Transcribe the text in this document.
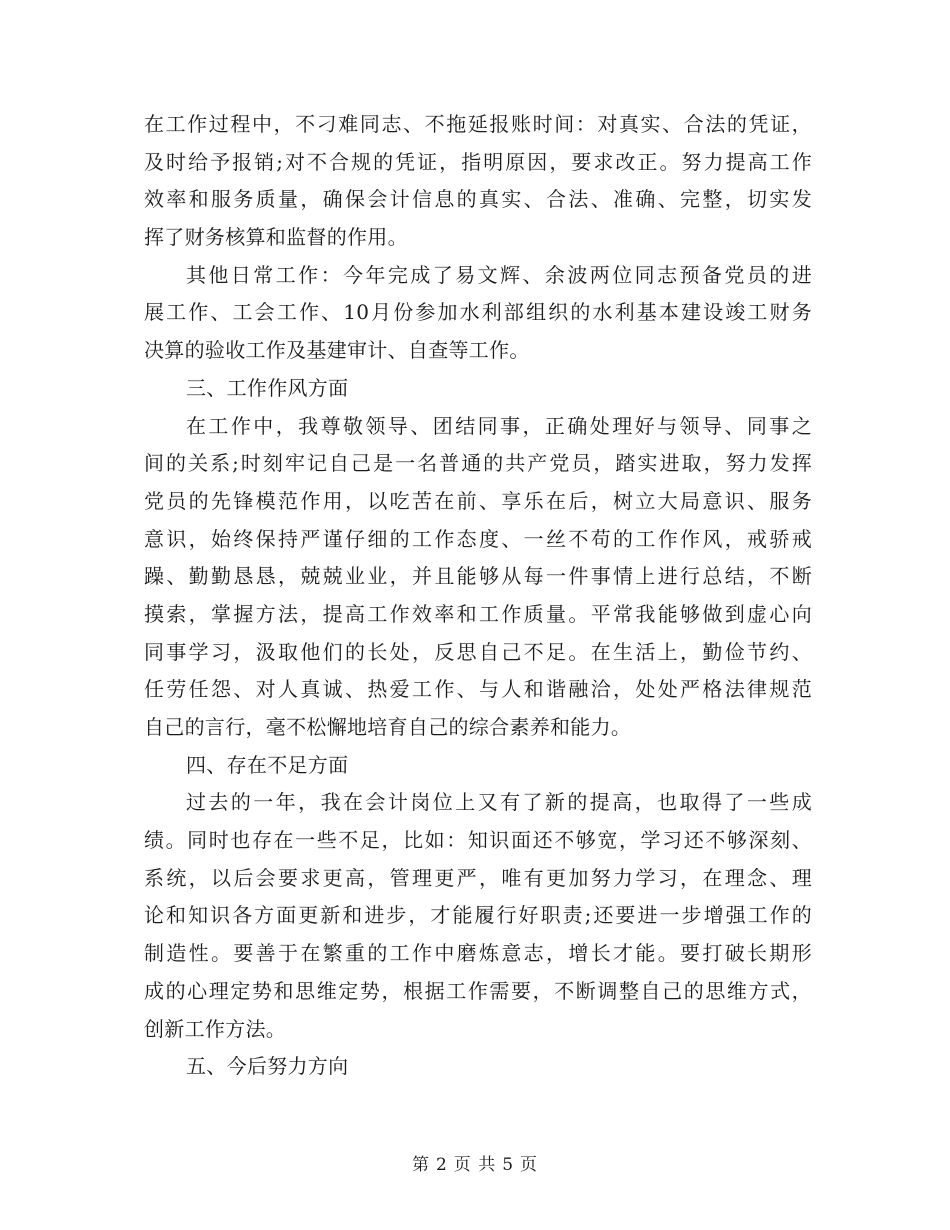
在工作过程中，不刁难同志、不拖延报账时间：对真实、合法的凭证，
及时给予报销;对不合规的凭证，指明原因，要求改正。努力提高工作
效率和服务质量，确保会计信息的真实、合法、准确、完整，切实发
挥了财务核算和监督的作用。
其他日常工作：今年完成了易文辉、余波两位同志预备党员的进
展工作、工会工作、10月份参加水利部组织的水利基本建设竣工财务
决算的验收工作及基建审计、自查等工作。
三、工作作风方面
在工作中，我尊敬领导、团结同事，正确处理好与领导、同事之
间的关系;时刻牢记自己是一名普通的共产党员，踏实进取，努力发挥
党员的先锋模范作用，以吃苦在前、享乐在后，树立大局意识、服务
意识，始终保持严谨仔细的工作态度、一丝不苟的工作作风，戒骄戒
躁、勤勤恳恳，兢兢业业，并且能够从每一件事情上进行总结，不断
摸索，掌握方法，提高工作效率和工作质量。平常我能够做到虚心向
同事学习，汲取他们的长处，反思自己不足。在生活上，勤俭节约、
任劳任怨、对人真诚、热爱工作、与人和谐融洽，处处严格法律规范
自己的言行，毫不松懈地培育自己的综合素养和能力。
四、存在不足方面
过去的一年，我在会计岗位上又有了新的提高，也取得了一些成
绩。同时也存在一些不足，比如：知识面还不够宽，学习还不够深刻、
系统，以后会要求更高，管理更严，唯有更加努力学习，在理念、理
论和知识各方面更新和进步，才能履行好职责;还要进一步增强工作的
制造性。要善于在繁重的工作中磨炼意志，增长才能。要打破长期形
成的心理定势和思维定势，根据工作需要，不断调整自己的思维方式，
创新工作方法。
五、今后努力方向
第 2 页 共 5 页
